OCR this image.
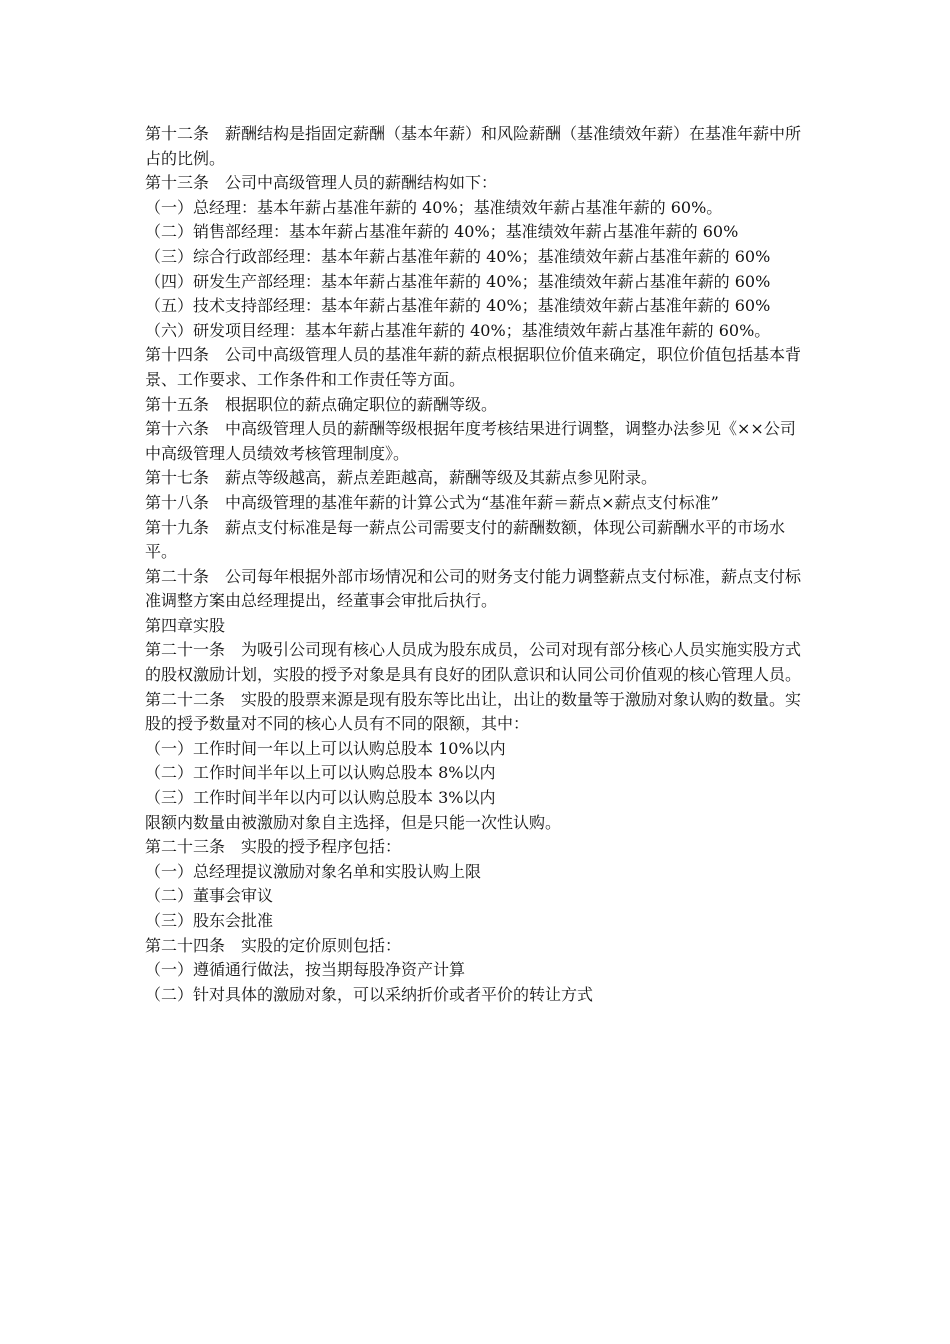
第十二条　薪酬结构是指固定薪酬（基本年薪）和风险薪酬（基准绩效年薪）在基准年薪中所占的比例。

第十三条　公司中高级管理人员的薪酬结构如下：

（一）总经理：基本年薪占基准年薪的 40%；基准绩效年薪占基准年薪的 60%。

（二）销售部经理：基本年薪占基准年薪的 40%；基准绩效年薪占基准年薪的 60%

（三）综合行政部经理：基本年薪占基准年薪的 40%；基准绩效年薪占基准年薪的 60%

（四）研发生产部经理：基本年薪占基准年薪的 40%；基准绩效年薪占基准年薪的 60%

（五）技术支持部经理：基本年薪占基准年薪的 40%；基准绩效年薪占基准年薪的 60%

（六）研发项目经理：基本年薪占基准年薪的 40%；基准绩效年薪占基准年薪的 60%。

第十四条　公司中高级管理人员的基准年薪的薪点根据职位价值来确定，职位价值包括基本背景、工作要求、工作条件和工作责任等方面。

第十五条　根据职位的薪点确定职位的薪酬等级。

第十六条　中高级管理人员的薪酬等级根据年度考核结果进行调整，调整办法参见《××公司中高级管理人员绩效考核管理制度》。

第十七条　薪点等级越高，薪点差距越高，薪酬等级及其薪点参见附录。

第十八条　中高级管理的基准年薪的计算公式为“基准年薪＝薪点×薪点支付标准”

第十九条　薪点支付标准是每一薪点公司需要支付的薪酬数额，体现公司薪酬水平的市场水平。

第二十条　公司每年根据外部市场情况和公司的财务支付能力调整薪点支付标准，薪点支付标准调整方案由总经理提出，经董事会审批后执行。

第四章实股

第二十一条　为吸引公司现有核心人员成为股东成员，公司对现有部分核心人员实施实股方式的股权激励计划，实股的授予对象是具有良好的团队意识和认同公司价值观的核心管理人员。

第二十二条　实股的股票来源是现有股东等比出让，出让的数量等于激励对象认购的数量。实股的授予数量对不同的核心人员有不同的限额，其中：

（一）工作时间一年以上可以认购总股本 10%以内

（二）工作时间半年以上可以认购总股本 8%以内

（三）工作时间半年以内可以认购总股本 3%以内

限额内数量由被激励对象自主选择，但是只能一次性认购。

第二十三条　实股的授予程序包括：

（一）总经理提议激励对象名单和实股认购上限

（二）董事会审议

（三）股东会批准

第二十四条　实股的定价原则包括：

（一）遵循通行做法，按当期每股净资产计算

（二）针对具体的激励对象，可以采纳折价或者平价的转让方式
